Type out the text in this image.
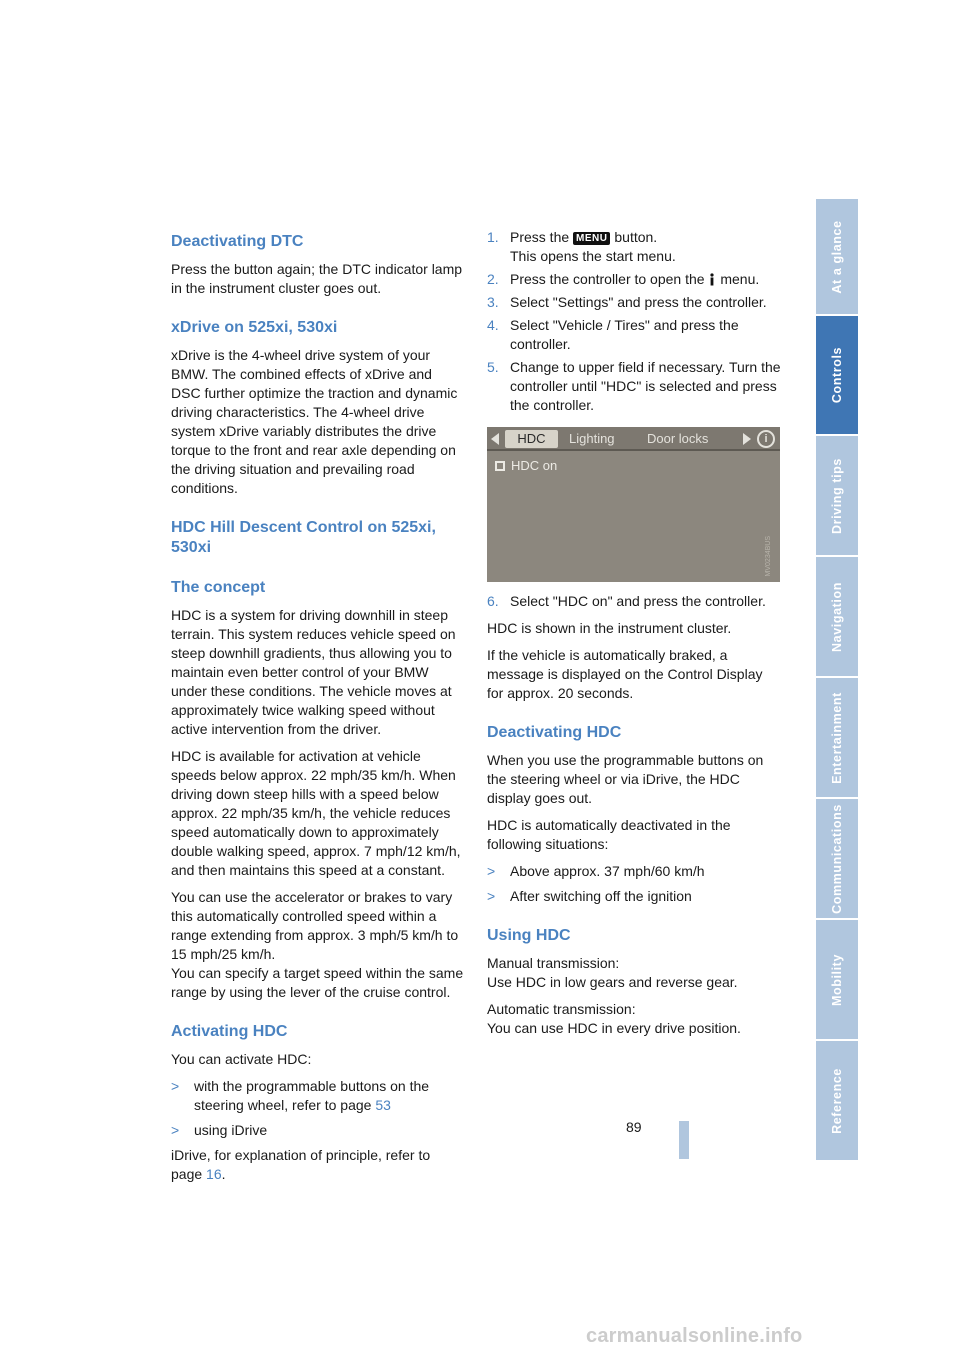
Deactivating DTC

Press the button again; the DTC indicator lamp in the instrument cluster goes out.

xDrive on 525xi, 530xi

xDrive is the 4-wheel drive system of your BMW. The combined effects of xDrive and DSC further optimize the traction and dynamic driving characteristics. The 4-wheel drive system xDrive variably distributes the drive torque to the front and rear axle depending on the driving situation and prevailing road conditions.

HDC Hill Descent Control on 525xi, 530xi
The concept

HDC is a system for driving downhill in steep terrain. This system reduces vehicle speed on steep downhill gradients, thus allowing you to maintain even better control of your BMW under these conditions. The vehicle moves at approximately twice walking speed without active intervention from the driver.

HDC is available for activation at vehicle speeds below approx. 22 mph/35 km/h. When driving down steep hills with a speed below approx. 22 mph/35 km/h, the vehicle reduces speed automatically down to approximately double walking speed, approx. 7 mph/12 km/h, and then maintains this speed at a constant.

You can use the accelerator or brakes to vary this automatically controlled speed within a range extending from approx. 3 mph/5 km/h to 15 mph/25 km/h.

You can specify a target speed within the same range by using the lever of the cruise control.

Activating HDC

You can activate HDC:

> with the programmable buttons on the steering wheel, refer to page 53
> using iDrive

iDrive, for explanation of principle, refer to page 16.

1. Press the MENU button.
This opens the start menu.
2. Press the controller to open the  menu.
3. Select "Settings" and press the controller.
4. Select "Vehicle / Tires" and press the controller.
5. Change to upper field if necessary. Turn the controller until "HDC" is selected and press the controller.
HDC	Lighting Door locks	i
HDC on
MV0234BUS
6. Select "HDC on" and press the controller.

HDC is shown in the instrument cluster.

If the vehicle is automatically braked, a message is displayed on the Control Display for approx. 20 seconds.

Deactivating HDC

When you use the programmable buttons on the steering wheel or via iDrive, the HDC display goes out.

HDC is automatically deactivated in the following situations:

> Above approx. 37 mph/60 km/h
> After switching off the ignition
Using HDC

Manual transmission:
Use HDC in low gears and reverse gear.

Automatic transmission:
You can use HDC in every drive position.

At a glance
Controls
Driving tips
Navigation
Entertainment
Communications
Mobility
Reference
89
carmanualsonline.info
